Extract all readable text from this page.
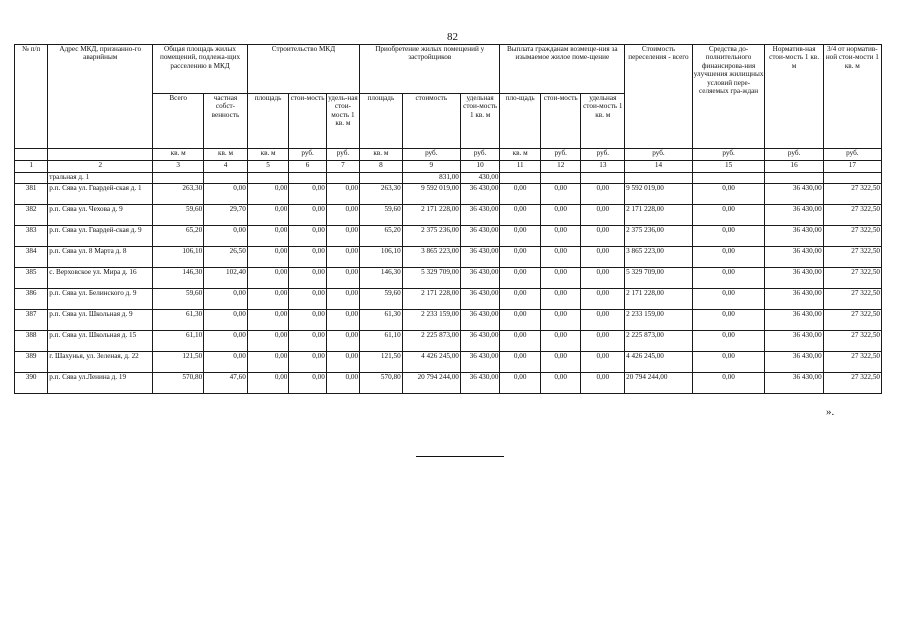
82
№ п/п	Адрес МКД, признанно-го аварийным	Общая площадь жилых помещений, подлежа-щих расселению в МКД		Строительство МКД			Приобретение жилых помещений у застройщиков			Выплата гражданам возмеще-ния за изымаемое жилое поме-щение			Стоимость переселения - всего	Средства до-полнительного финансирова-ния улучшения жилищных условий пере-селяемых гра-ждан	Норматив-ная стои-мость 1 кв. м	3/4 от норматив-ной стои-мости 1 кв. м
		Всего	частная собст-венность	площадь	стои-мость	удель-ная стои-мость 1 кв. м	площадь	стоимость	удельная стои-мость 1 кв. м	пло-щадь	стои-мость	удельная стои-мость 1 кв. м				
		кв. м	кв. м	кв. м	руб.	руб.	кв. м	руб.	руб.	кв. м	руб.	руб.	руб.	руб.	руб.	руб.
1	2	3	4	5	6	7	8	9	10	11	12	13	14	15	16	17
	тральная д. 1							831,00	430,00							
381	р.п. Сява ул. Гвардей-ская д. 1	263,30	0,00	0,00	0,00	0,00	263,30	9 592 019,00	36 430,00	0,00	0,00	0,00	9 592 019,00	0,00	36 430,00	27 322,50
382	р.п. Сява ул. Чехова д. 9	59,60	29,70	0,00	0,00	0,00	59,60	2 171 228,00	36 430,00	0,00	0,00	0,00	2 171 228,00	0,00	36 430,00	27 322,50
383	р.п. Сява ул. Гвардей-ская д. 9	65,20	0,00	0,00	0,00	0,00	65,20	2 375 236,00	36 430,00	0,00	0,00	0,00	2 375 236,00	0,00	36 430,00	27 322,50
384	р.п. Сява ул. 8 Марта д. 8	106,10	26,50	0,00	0,00	0,00	106,10	3 865 223,00	36 430,00	0,00	0,00	0,00	3 865 223,00	0,00	36 430,00	27 322,50
385	с. Верховское ул. Мира д. 16	146,30	102,40	0,00	0,00	0,00	146,30	5 329 709,00	36 430,00	0,00	0,00	0,00	5 329 709,00	0,00	36 430,00	27 322,50
386	р.п. Сява ул. Белинского д. 9	59,60	0,00	0,00	0,00	0,00	59,60	2 171 228,00	36 430,00	0,00	0,00	0,00	2 171 228,00	0,00	36 430,00	27 322,50
387	р.п. Сява ул. Школьная д. 9	61,30	0,00	0,00	0,00	0,00	61,30	2 233 159,00	36 430,00	0,00	0,00	0,00	2 233 159,00	0,00	36 430,00	27 322,50
388	р.п. Сява ул. Школьная д. 15	61,10	0,00	0,00	0,00	0,00	61,10	2 225 873,00	36 430,00	0,00	0,00	0,00	2 225 873,00	0,00	36 430,00	27 322,50
389	г. Шахунья, ул. Зеленая, д. 22	121,50	0,00	0,00	0,00	0,00	121,50	4 426 245,00	36 430,00	0,00	0,00	0,00	4 426 245,00	0,00	36 430,00	27 322,50
390	р.п. Сява ул.Ленина д. 19	570,80	47,60	0,00	0,00	0,00	570,80	20 794 244,00	36 430,00	0,00	0,00	0,00	20 794 244,00	0,00	36 430,00	27 322,50
».
